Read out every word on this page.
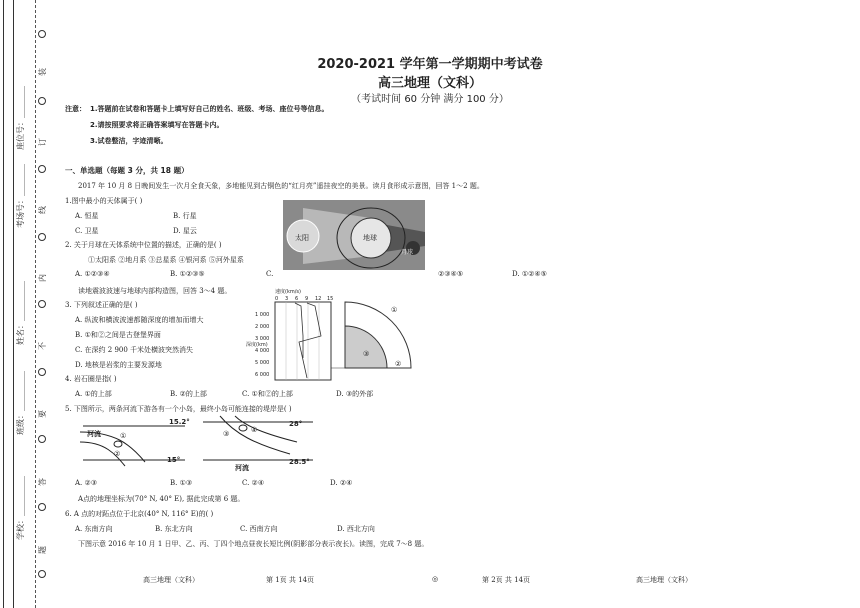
装
订
线
内
不
要
答
题
座位号：________
考场号：________
姓名：__________
班级：__________
学校：__________
2020-2021 学年第一学期期中考试卷
高三地理（文科）
（考试时间 60 分钟 满分 100 分）
注意： 1.答题前在试卷和答题卡上填写好自己的姓名、班级、考场、座位号等信息。
2.请按照要求将正确答案填写在答题卡内。
3.试卷整洁，字迹清晰。
一、单选题（每题 3 分，共 18 题）
2017 年 10 月 8 日晚间发生一次月全食天象，多地能见到古铜色的“红月亮”遥挂夜空的美景。读月食形成示意图，回答 1～2 题。
1.图中最小的天体属于( )
A. 恒星	B. 行星
C. 卫星	D. 星云
2. 关于月球在天体系统中位置的描述，正确的是( )
①太阳系 ②地月系 ③总星系 ④银河系 ⑤河外星系
A. ①②③④	B. ①②③⑤	C.	②③④⑤	D. ①②④⑤
读地震波波速与地球内部构造图，回答 3～4 题。
3. 下列叙述正确的是( )
A. 纵波和横波波速都随深度的增加而增大
B. ①和②之间是古登堡界面
C. 在深约 2 900 千米处横波突然消失
D. 地核是岩浆的主要发源地
4. 岩石圈是指( )
A. ①的上部	B. ②的上部	C. ①和②的上部	D. ③的外部
5. 下图所示，两条河流下游各有一个小岛，最终小岛可能连接的堤岸是( )
A. ②③	B. ①③	C. ②④	D. ②④
A点的地理坐标为(70° N, 40° E), 据此完成第 6 题。
6. A 点的对跖点位于北京(40° N, 116° E)的( )
A. 东南方向	B. 东北方向	C. 西南方向	D. 西北方向
下图示意 2016 年 10 月 1 日甲、乙、丙、丁四个地点昼夜长短比例(阴影部分表示夜长)。读图，完成 7～8 题。
太阳	地球
月球
速度(km/s)
0 3 6 9 12 15
1 000
2 000
3 000
4 000
5 000
6 000
深度(km)
①
③
②
河流
15.2°
15°
①
②
河流
28°
28.5°
③	④
高三地理（文科）	第 1页 共 14页	◎	第 2页 共 14页	高三地理（文科）
